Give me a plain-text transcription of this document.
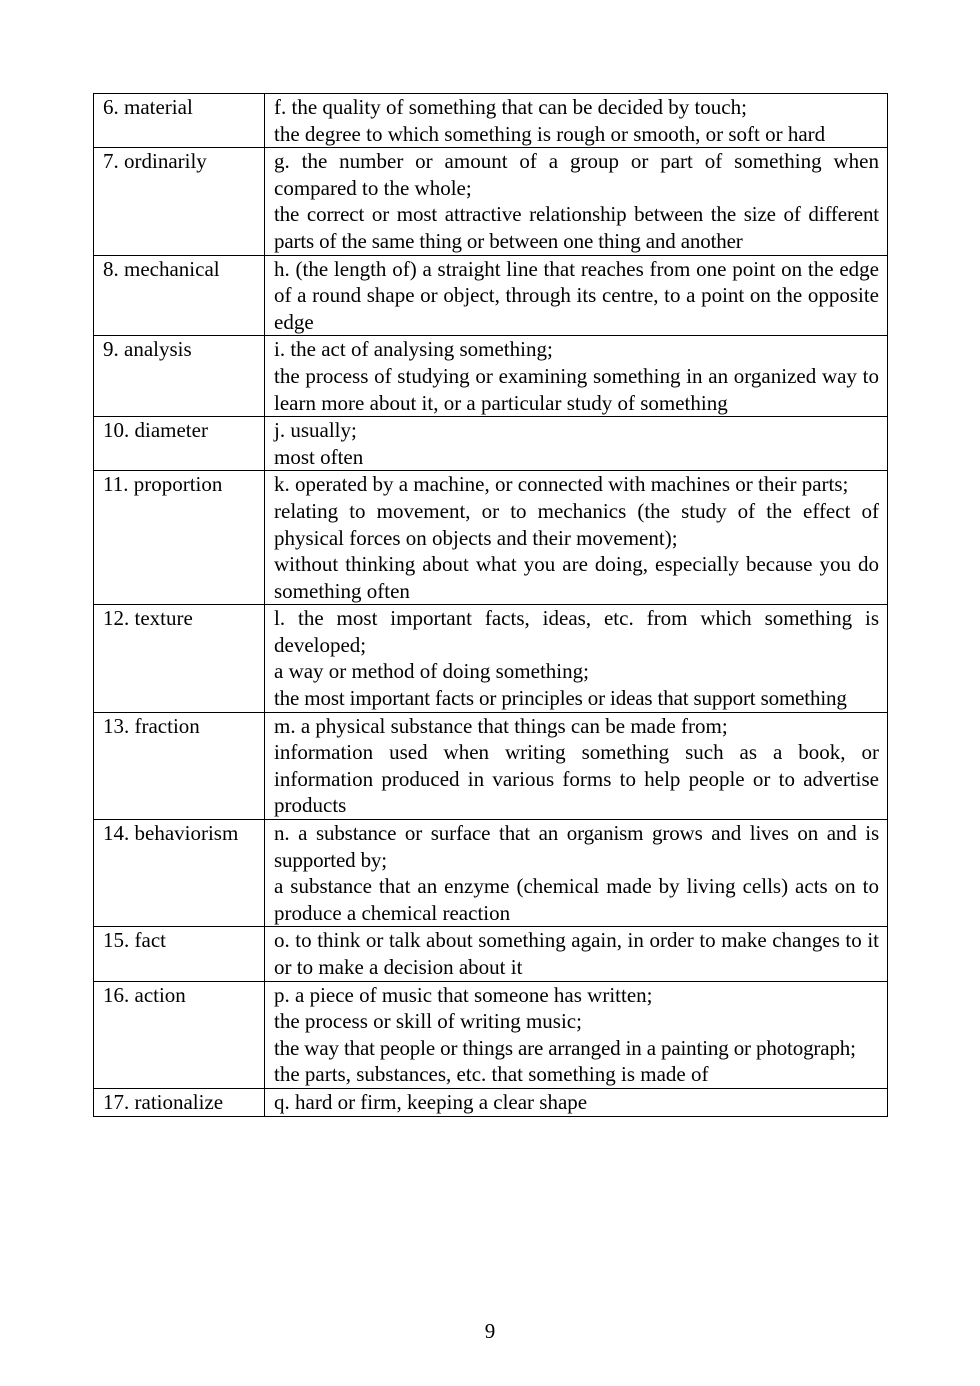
6. material	f. the quality of something that can be decided by touch;
the degree to which something is rough or smooth, or soft or hard

7. ordinarily	g. the number or amount of a group or part of something when compared to the whole;
the correct or most attractive relationship between the size of different parts of the same thing or between one thing and another

8. mechanical	h. (the length of) a straight line that reaches from one point on the edge of a round shape or object, through its centre, to a point on the opposite edge

9. analysis	i. the act of analysing something;
the process of studying or examining something in an organized way to learn more about it, or a particular study of something

10. diameter	j. usually;
most often

11. proportion	k. operated by a machine, or connected with machines or their parts;
relating to movement, or to mechanics (the study of the effect of physical forces on objects and their movement);
without thinking about what you are doing, especially because you do something often

12. texture	l. the most important facts, ideas, etc. from which something is developed;
a way or method of doing something;
the most important facts or principles or ideas that support something

13. fraction	m. a physical substance that things can be made from;
information used when writing something such as a book, or information produced in various forms to help people or to advertise products

14. behaviorism	n. a substance or surface that an organism grows and lives on and is supported by;
a substance that an enzyme (chemical made by living cells) acts on to produce a chemical reaction

15. fact	o. to think or talk about something again, in order to make changes to it or to make a decision about it

16. action	p. a piece of music that someone has written;
the process or skill of writing music;
the way that people or things are arranged in a painting or photograph;
the parts, substances, etc. that something is made of

17. rationalize	q. hard or firm, keeping a clear shape
9
